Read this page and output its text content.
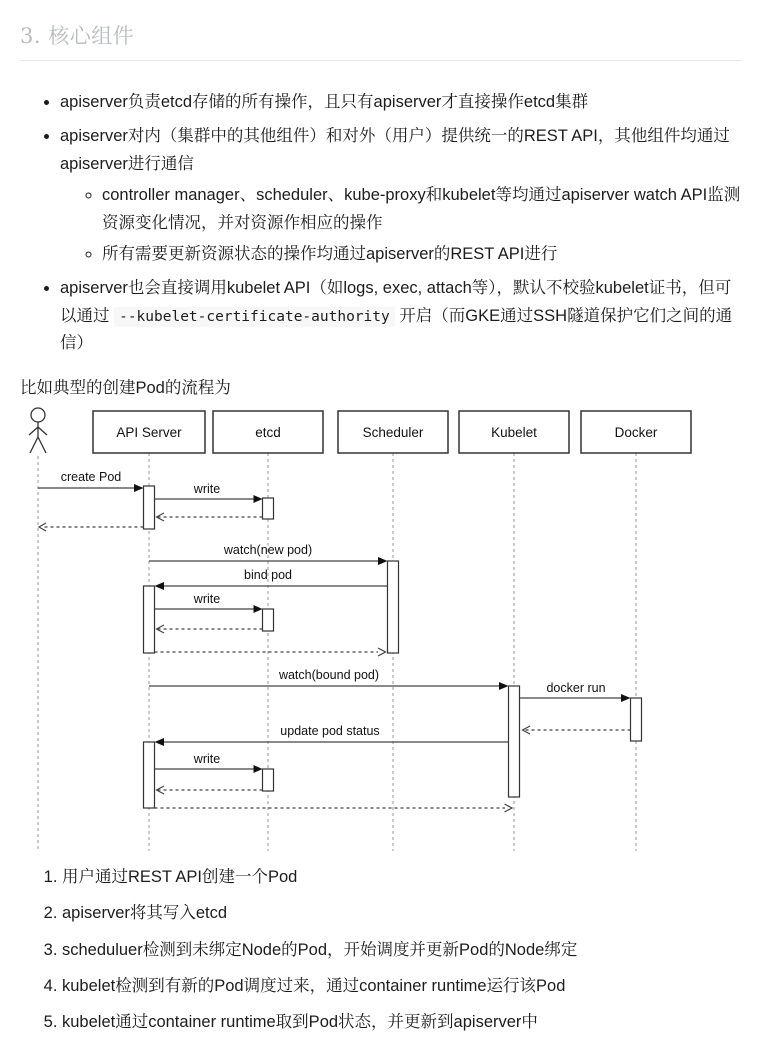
3. 核心组件
• apiserver负责etcd存储的所有操作，且只有apiserver才直接操作etcd集群
• apiserver对内（集群中的其他组件）和对外（用户）提供统一的REST API，其他组件均通过apiserver进行通信
◦ controller manager、scheduler、kube-proxy和kubelet等均通过apiserver watch API监测资源变化情况，并对资源作相应的操作
◦ 所有需要更新资源状态的操作均通过apiserver的REST API进行
• apiserver也会直接调用kubelet API（如logs, exec, attach等），默认不校验kubelet证书，但可以通过 --kubelet-certificate-authority 开启（而GKE通过SSH隧道保护它们之间的通信）

比如典型的创建Pod的流程为

API Server	etcd	Scheduler	Kubelet	Docker
create Pod
write
watch(new pod)
bind pod
write
watch(bound pod)
docker run
update pod status
write
1. 用户通过REST API创建一个Pod
2. apiserver将其写入etcd
3. scheduluer检测到未绑定Node的Pod，开始调度并更新Pod的Node绑定
4. kubelet检测到有新的Pod调度过来，通过container runtime运行该Pod
5. kubelet通过container runtime取到Pod状态，并更新到apiserver中
